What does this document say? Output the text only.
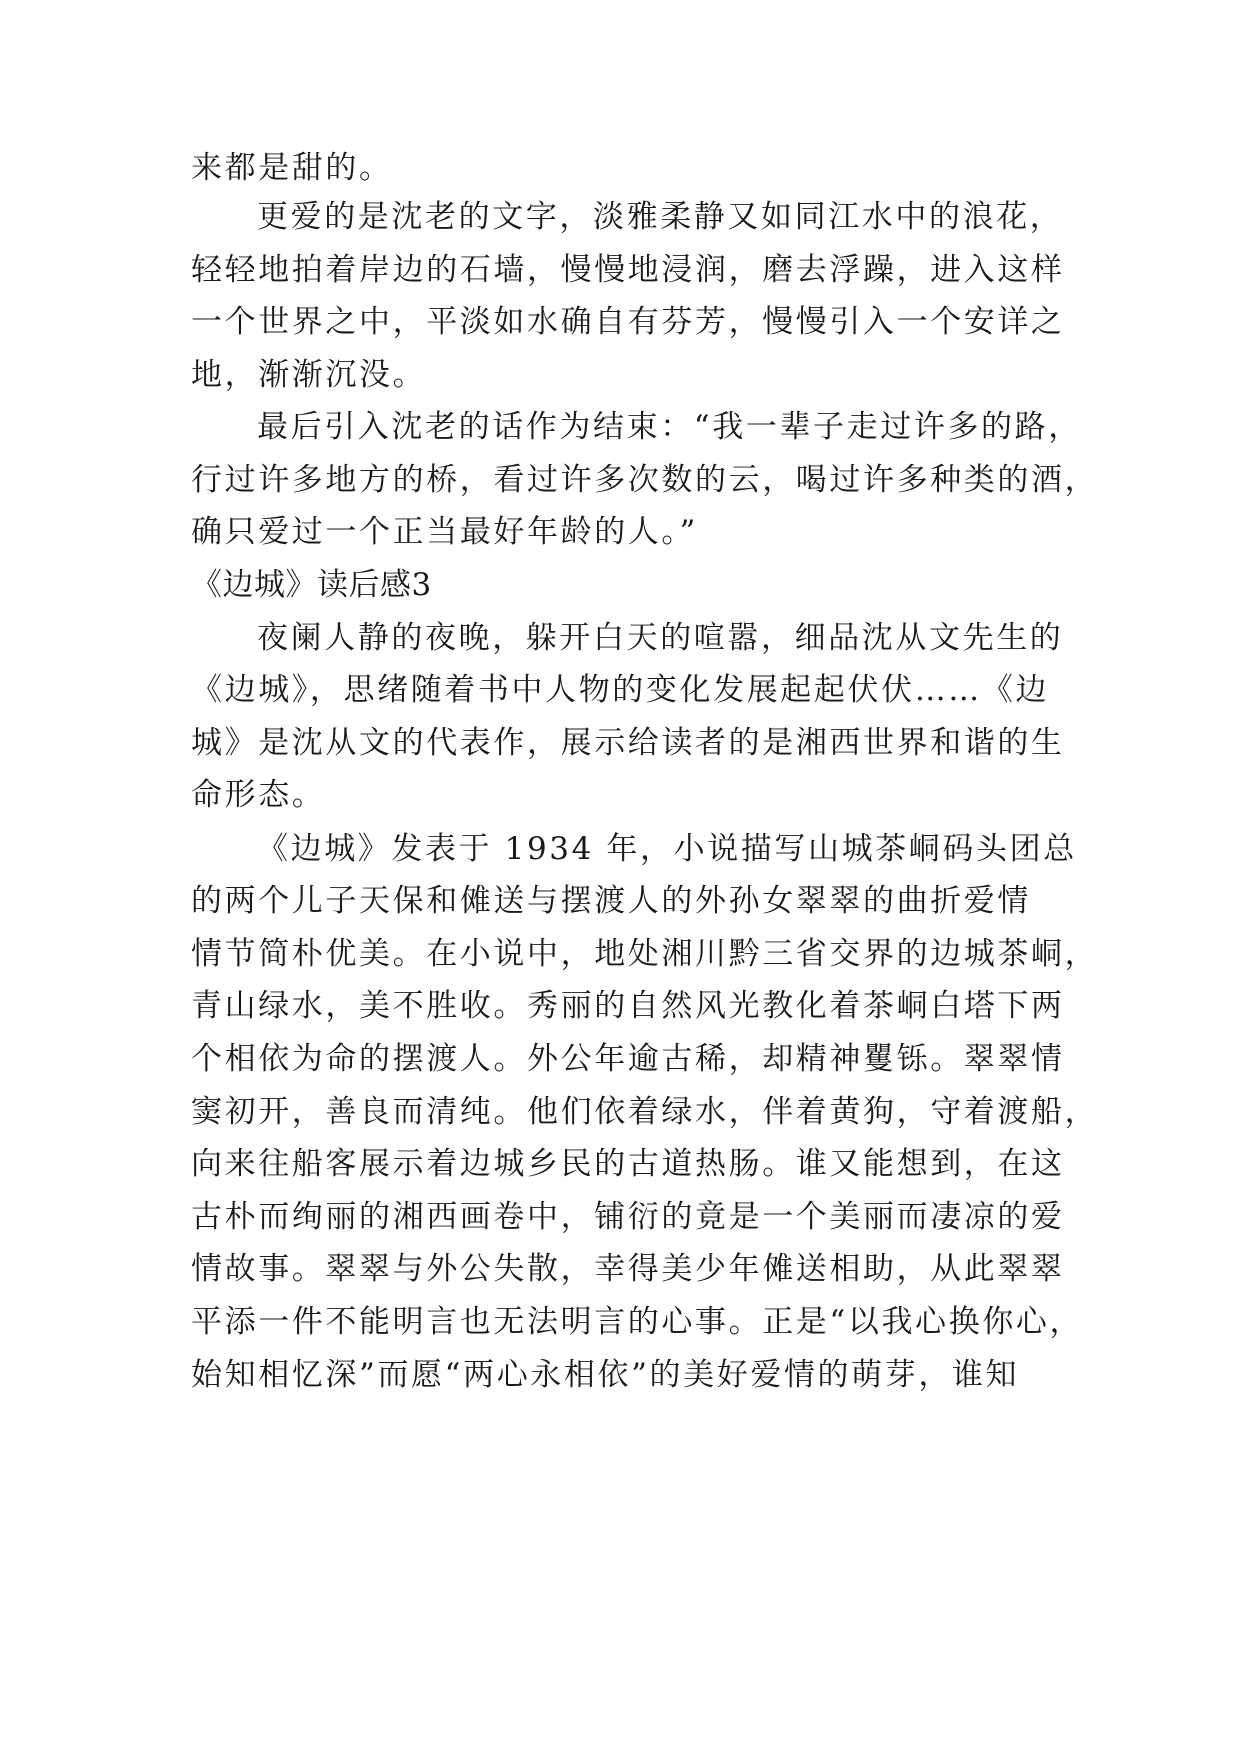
来都是甜的。
更爱的是沈老的文字，淡雅柔静又如同江水中的浪花，
轻轻地拍着岸边的石墙，慢慢地浸润，磨去浮躁，进入这样
一个世界之中，平淡如水确自有芬芳，慢慢引入一个安详之
地，渐渐沉没。
最后引入沈老的话作为结束：“我一辈子走过许多的路，
行过许多地方的桥，看过许多次数的云，喝过许多种类的酒，
确只爱过一个正当最好年龄的人。”
《边城》读后感3
夜阑人静的夜晚，躲开白天的喧嚣，细品沈从文先生的
《边城》，思绪随着书中人物的变化发展起起伏伏……《边
城》是沈从文的代表作，展示给读者的是湘西世界和谐的生
命形态。
《边城》发表于 1934 年，小说描写山城茶峒码头团总
的两个儿子天保和傩送与摆渡人的外孙女翠翠的曲折爱情
情节简朴优美。在小说中，地处湘川黔三省交界的边城茶峒，
青山绿水，美不胜收。秀丽的自然风光教化着茶峒白塔下两
个相依为命的摆渡人。外公年逾古稀，却精神矍铄。翠翠情
窦初开，善良而清纯。他们依着绿水，伴着黄狗，守着渡船，
向来往船客展示着边城乡民的古道热肠。谁又能想到，在这
古朴而绚丽的湘西画卷中，铺衍的竟是一个美丽而凄凉的爱
情故事。翠翠与外公失散，幸得美少年傩送相助，从此翠翠
平添一件不能明言也无法明言的心事。正是“以我心换你心，
始知相忆深”而愿“两心永相依”的美好爱情的萌芽，谁知
